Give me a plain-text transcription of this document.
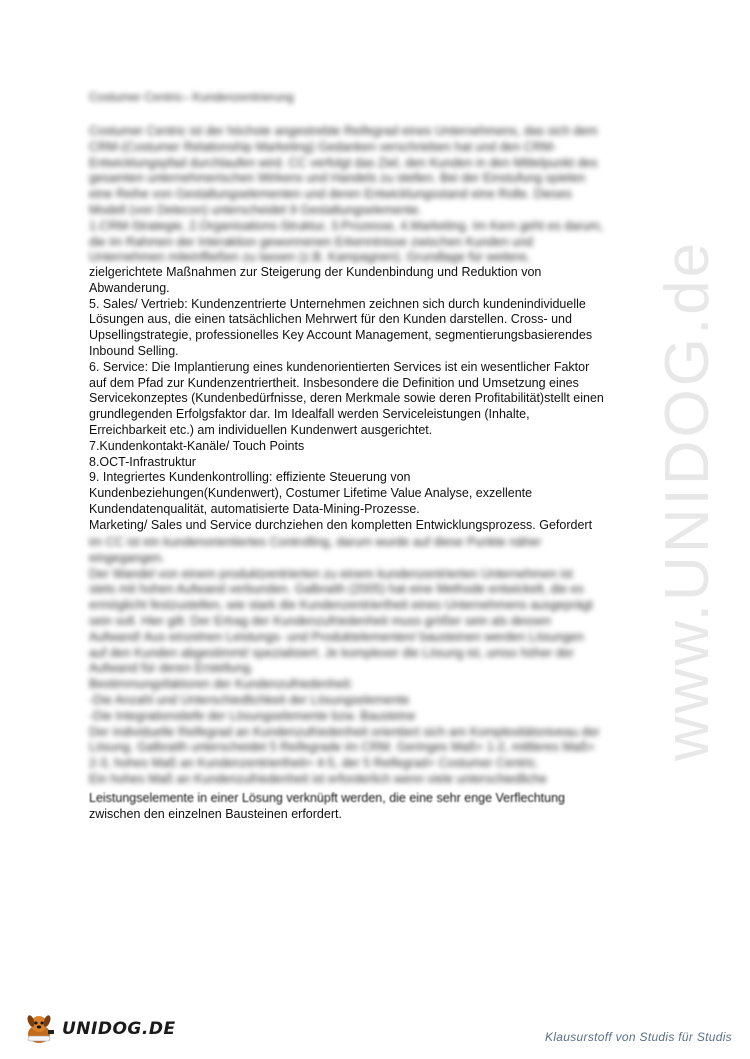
www.UNIDOG.de
Costumer Centric– Kundenzentrierung
Costumer Centric ist der höchste angestrebte Reifegrad eines Unternehmens, das sich dem
CRM-(Costumer Relationship Marketing) Gedanken verschrieben hat und den CRM-
Entwicklungspfad durchlaufen wird. CC verfolgt das Ziel, den Kunden in den Mittelpunkt des
gesamten unternehmerischen Wirkens und Handels zu stellen. Bei der Einstufung spielen
eine Reihe von Gestaltungselementen und deren Entwicklungsstand eine Rolle. Dieses
Modell (von Detecon) unterscheidet 9 Gestaltungselemente.
1.CRM-Strategie, 2.Organisations-Struktur, 3.Prozesse, 4.Marketing. Im Kern geht es darum,
die im Rahmen der Interaktion gewonnenen Erkenntnisse zwischen Kunden und
Unternehmen miteinfließen zu lassen (z.B. Kampagnen). Grundlage für weitere,
zielgerichtete Maßnahmen zur Steigerung der Kundenbindung und Reduktion von
Abwanderung.
5. Sales/ Vertrieb: Kundenzentrierte Unternehmen zeichnen sich durch kundenindividuelle
Lösungen aus, die einen tatsächlichen Mehrwert für den Kunden darstellen. Cross- und
Upsellingstrategie, professionelles Key Account Management, segmentierungsbasierendes
Inbound Selling.
6. Service: Die Implantierung eines kundenorientierten Services ist ein wesentlicher Faktor
auf dem Pfad zur Kundenzentriertheit. Insbesondere die Definition und Umsetzung eines
Servicekonzeptes (Kundenbedürfnisse, deren Merkmale sowie deren Profitabilität)stellt einen
grundlegenden Erfolgsfaktor dar. Im Idealfall werden Serviceleistungen (Inhalte,
Erreichbarkeit etc.) am individuellen Kundenwert ausgerichtet.
7.Kundenkontakt-Kanäle/ Touch Points
8.OCT-Infrastruktur
9. Integriertes Kundenkontrolling: effiziente Steuerung von
Kundenbeziehungen(Kundenwert), Costumer Lifetime Value Analyse, exzellente
Kundendatenqualität, automatisierte Data-Mining-Prozesse.
Marketing/ Sales und Service durchziehen den kompletten Entwicklungsprozess. Gefordert
im CC ist ein kundenorientiertes Controlling, darum wurde auf diese Punkte näher
eingegangen.
Der Wandel von einem produktzentrierten zu einem kundenzentrierten Unternehmen ist
stets mit hohen Aufwand verbunden. Galbraith (2005) hat eine Methode entwickelt, die es
ermöglicht festzustellen, wie stark die Kundenzentriertheit eines Unternehmens ausgeprägt
sein soll. Hier gilt: Der Ertrag der Kundenzufriedenheit muss größer sein als dessen
Aufwand! Aus einzelnen Leistungs- und Produktelementen/ bausteinen werden Lösungen
auf den Kunden abgestimmt/ spezialisiert. Je komplexer die Lösung ist, umso höher der
Aufwand für deren Erstellung.
Bestimmungsfaktoren der Kundenzufriedenheit:
-Die Anzahl und Unterschiedlichkeit der Lösungselemente
-Die Integrationstiefe der Lösungselemente bzw. Bausteine
Der individuelle Reifegrad an Kundenzufriedenheit orientiert sich am Komplexitätsniveau der
Lösung. Galbraith unterscheidet 5 Reifegrade im CRM. Geringes Maß= 1-2, mittleres Maß=
2-3, hohes Maß an Kundenzentriertheit= 4-5, der 5 Reifegrad= Costumer Centric.
Ein hohes Maß an Kundenzufriedenheit ist erforderlich wenn viele unterschiedliche
Leistungselemente in einer Lösung verknüpft werden, die eine sehr enge Verflechtung
zwischen den einzelnen Bausteinen erfordert.
UNIDOG.DE	Klausurstoff von Studis für Studis
